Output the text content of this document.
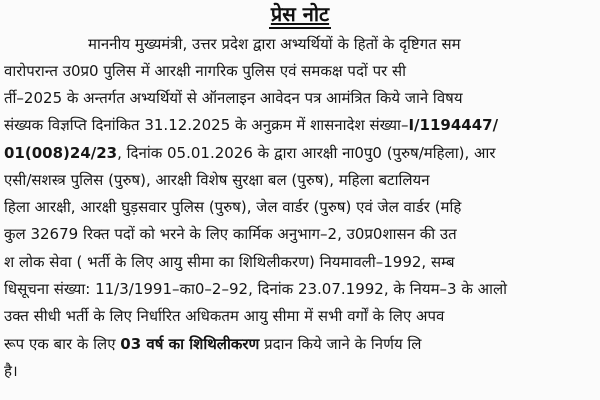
प्रेस नोट
माननीय मुख्यमंत्री, उत्तर प्रदेश द्वारा अभ्यर्थियों के हितों के दृष्टिगत सम
वारोपरान्त उ0प्र0 पुलिस में आरक्षी नागरिक पुलिस एवं समकक्ष पदों पर सी
र्ती–2025 के अन्तर्गत अभ्यर्थियों से ऑनलाइन आवेदन पत्र आमंत्रित किये जाने विषय
संख्यक विज्ञप्ति दिनांकित 31.12.2025 के अनुक्रम में शासनादेश संख्या–I/1194447/
01(008)24/23, दिनांक 05.01.2026 के द्वारा आरक्षी ना0पु0 (पुरुष/महिला), आर
एसी/सशस्त्र पुलिस (पुरुष), आरक्षी विशेष सुरक्षा बल (पुरुष), महिला बटालियन
हिला आरक्षी, आरक्षी घुड़सवार पुलिस (पुरुष), जेल वार्डर (पुरुष) एवं जेल वार्डर (महि
कुल 32679 रिक्त पदों को भरने के लिए कार्मिक अनुभाग–2, उ0प्र0शासन की उत
श लोक सेवा ( भर्ती के लिए आयु सीमा का शिथिलीकरण) नियमावली–1992, सम्ब
धिसूचना संख्या: 11/3/1991–का0–2–92, दिनांक 23.07.1992, के नियम–3 के आलो
उक्त सीधी भर्ती के लिए निर्धारित अधिकतम आयु सीमा में सभी वर्गों के लिए अपव
रूप एक बार के लिए 03 वर्ष का शिथिलीकरण प्रदान किये जाने के निर्णय लि
है।
